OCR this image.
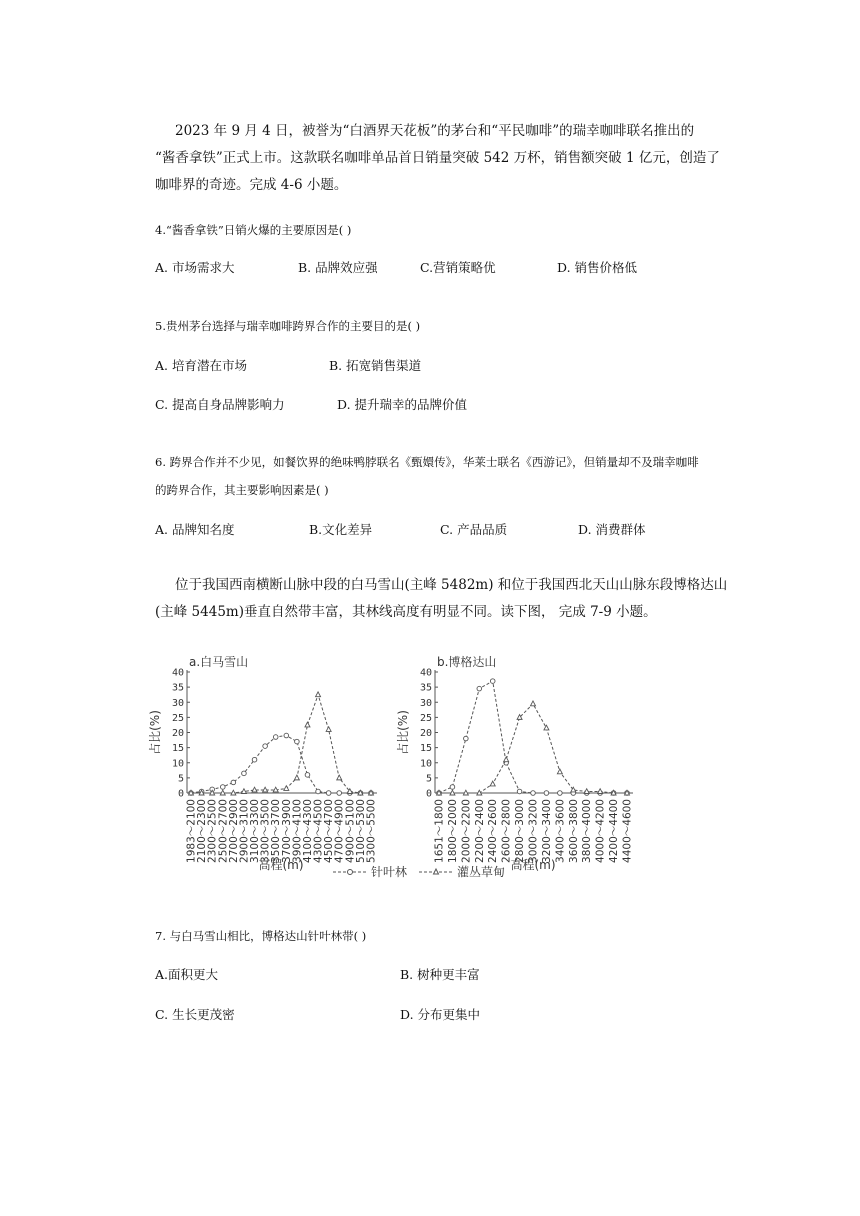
2023 年 9 月 4 日，被誉为“白酒界天花板”的茅台和“平民咖啡”的瑞幸咖啡联名推出的
“酱香拿铁”正式上市。这款联名咖啡单品首日销量突破 542 万杯，销售额突破 1 亿元，创造了
咖啡界的奇迹。完成 4-6 小题。
4.“酱香拿铁”日销火爆的主要原因是( )
A. 市场需求大	B. 品牌效应强	C.营销策略优	D. 销售价格低
5.贵州茅台选择与瑞幸咖啡跨界合作的主要目的是( )
A. 培育潜在市场	B. 拓宽销售渠道
C. 提高自身品牌影响力	D. 提升瑞幸的品牌价值
6. 跨界合作并不少见，如餐饮界的绝味鸭脖联名《甄嬛传》，华莱士联名《西游记》，但销量却不及瑞幸咖啡
的跨界合作，其主要影响因素是( )
A. 品牌知名度	B.文化差异	C. 产品品质	D. 消费群体
位于我国西南横断山脉中段的白马雪山(主峰 5482m) 和位于我国西北天山山脉东段博格达山
(主峰 5445m)垂直自然带丰富，其林线高度有明显不同。读下图， 完成 7-9 小题。
a.白马雪山
0
5
10
15
20
25
30
35
40
占比(%)
1983～2100
2100～2300
2300～2500
2500～2700
2700～2900
2900～3100
3100～3300
3300～3500
3500～3700
3700～3900
3900～4100
4100～4300
4300～4500
4500～4700
4700～4900
4900～5100
5100～5300
5300～5500
高程(m)
b.博格达山
0
5
10
15
20
25
30
35
40
占比(%)
1651～1800 1800～2000 2000～2200 2200～2400 2400～2600 2600～2800 2800～3000 3000～3200 3200～3400 3400～3600 3600～3800 3800～4000 4000～4200 4200～4400 4400～4600
高程(m)
针叶林	灌丛草甸
7. 与白马雪山相比，博格达山针叶林带( )
A.面积更大	B. 树种更丰富
C. 生长更茂密	D. 分布更集中
